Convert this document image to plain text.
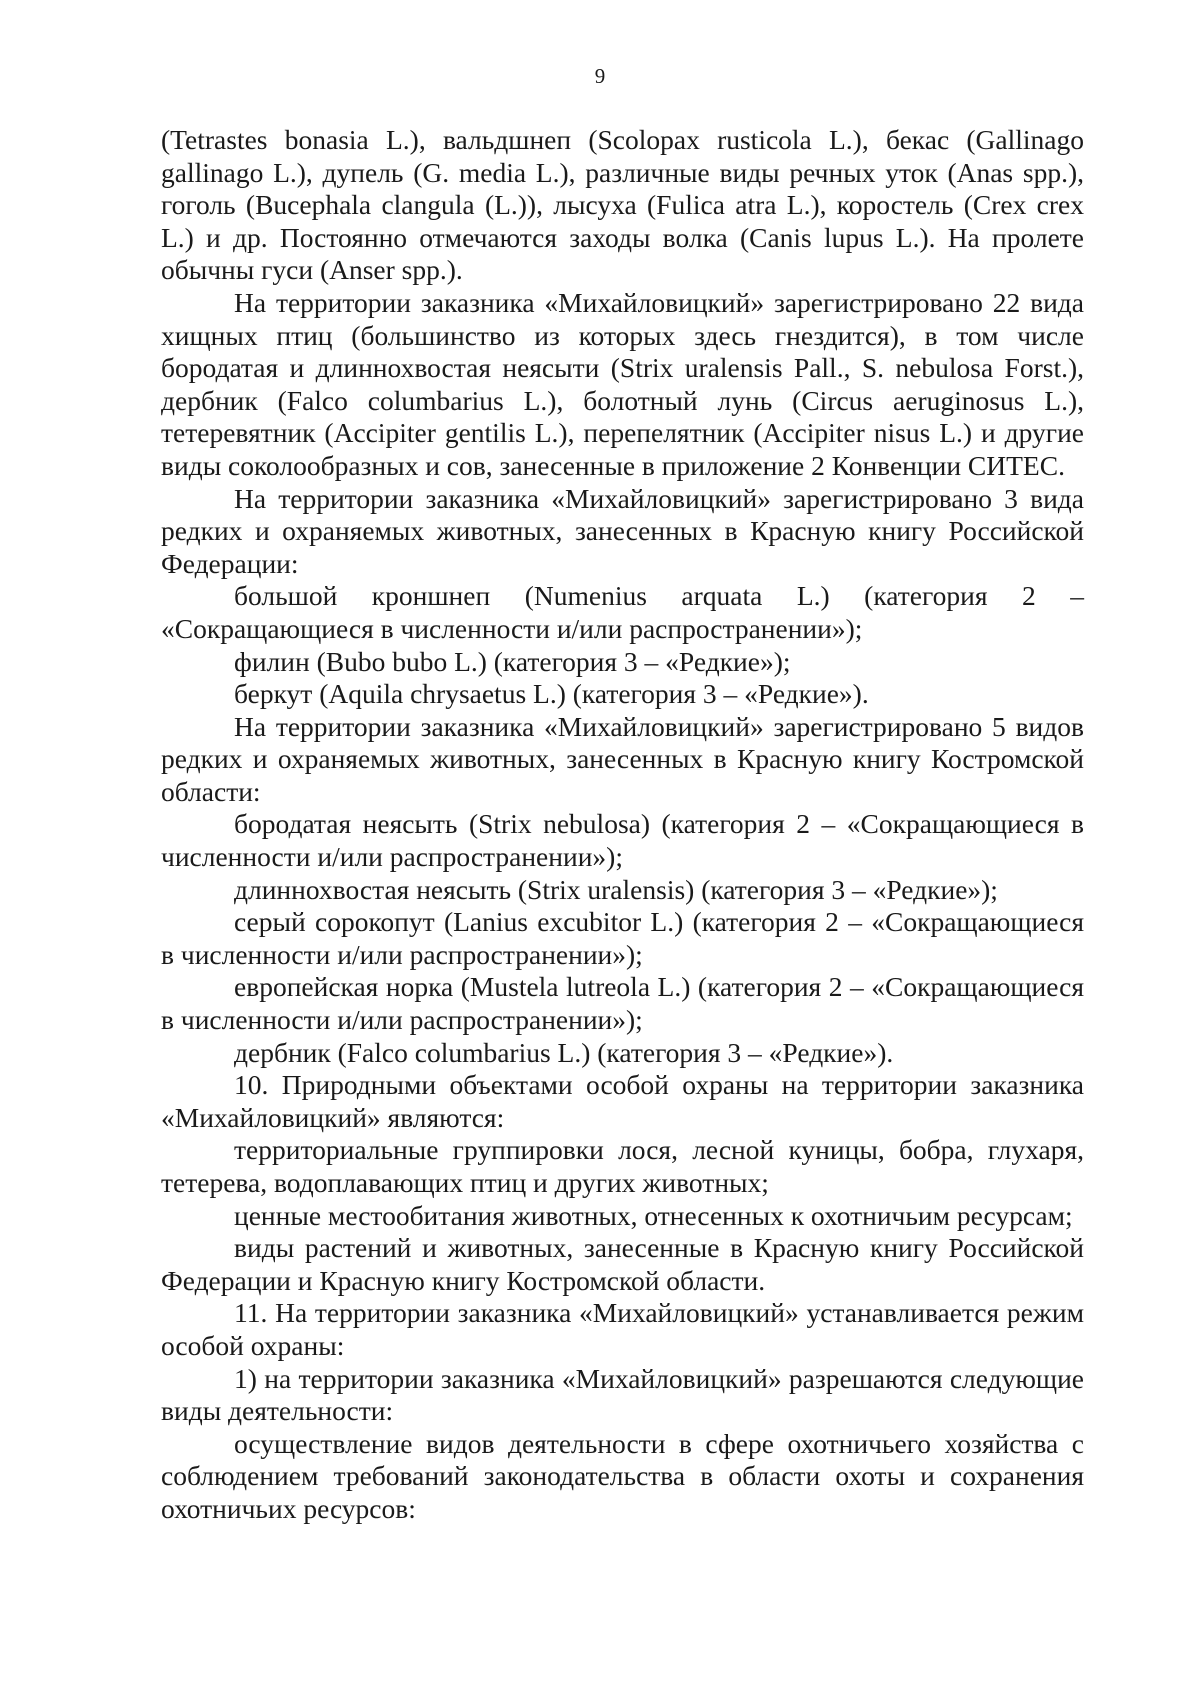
9

(Tetrastes bonasia L.), вальдшнеп (Scolopax rusticola L.), бекас (Gallinago gallinago L.), дупель (G. media L.), различные виды речных уток (Anas spp.), гоголь (Bucephala clangula (L.)), лысуха (Fulica atra L.), коростель (Crex crex L.) и др. Постоянно отмечаются заходы волка (Canis lupus L.). На пролете обычны гуси (Anser spp.).

На территории заказника «Михайловицкий» зарегистрировано 22 вида хищных птиц (большинство из которых здесь гнездится), в том числе бородатая и длиннохвостая неясыти (Strix uralensis Pall., S. nebulosa Forst.), дербник (Falco columbarius L.), болотный лунь (Circus aeruginosus L.), тетеревятник (Accipiter gentilis L.), перепелятник (Accipiter nisus L.) и другие виды соколообразных и сов, занесенные в приложение 2 Конвенции СИТЕС.

На территории заказника «Михайловицкий» зарегистрировано 3 вида редких и охраняемых животных, занесенных в Красную книгу Российской Федерации:

большой кроншнеп (Numenius arquata L.) (категория 2 – «Сокращающиеся в численности и/или распространении»);

филин (Bubo bubo L.) (категория 3 – «Редкие»);

беркут (Aquila chrysaetus L.) (категория 3 – «Редкие»).

На территории заказника «Михайловицкий» зарегистрировано 5 видов редких и охраняемых животных, занесенных в Красную книгу Костромской области:

бородатая неясыть (Strix nebulosa) (категория 2 – «Сокращающиеся в численности и/или распространении»);

длиннохвостая неясыть (Strix uralensis) (категория 3 – «Редкие»);

серый сорокопут (Lanius excubitor L.) (категория 2 – «Сокращающиеся в численности и/или распространении»);

европейская норка (Mustela lutreola L.) (категория 2 – «Сокращающиеся в численности и/или распространении»);

дербник (Falco columbarius L.) (категория 3 – «Редкие»).

10. Природными объектами особой охраны на территории заказника «Михайловицкий» являются:

территориальные группировки лося, лесной куницы, бобра, глухаря, тетерева, водоплавающих птиц и других животных;

ценные местообитания животных, отнесенных к охотничьим ресурсам;

виды растений и животных, занесенные в Красную книгу Российской Федерации и Красную книгу Костромской области.

11. На территории заказника «Михайловицкий» устанавливается режим особой охраны:

1) на территории заказника «Михайловицкий» разрешаются следующие виды деятельности:

осуществление видов деятельности в сфере охотничьего хозяйства с соблюдением требований законодательства в области охоты и сохранения охотничьих ресурсов:
